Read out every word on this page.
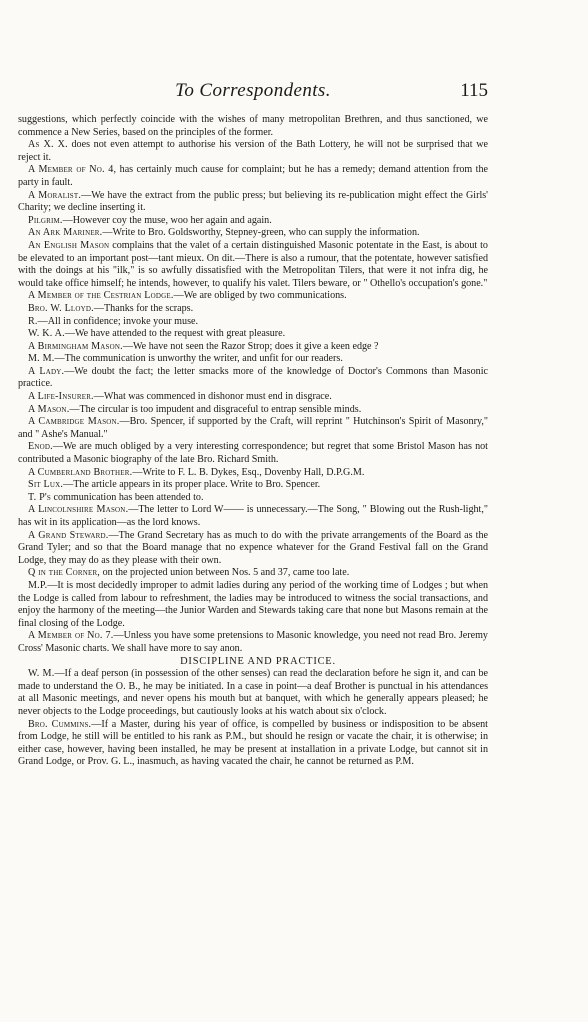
To Correspondents.	115

suggestions, which perfectly coincide with the wishes of many metropolitan Brethren, and thus sanctioned, we commence a New Series, based on the principles of the former.

As X. X. does not even attempt to authorise his version of the Bath Lottery, he will not be surprised that we reject it.

A Member of No. 4, has certainly much cause for complaint; but he has a remedy; demand attention from the party in fault.

A Moralist.—We have the extract from the public press; but believing its re-publication might effect the Girls' Charity; we decline inserting it.

Pilgrim.—However coy the muse, woo her again and again.

An Ark Mariner.—Write to Bro. Goldsworthy, Stepney-green, who can supply the information.

An English Mason complains that the valet of a certain distinguished Masonic potentate in the East, is about to be elevated to an important post—tant mieux. On dit.—There is also a rumour, that the potentate, however satisfied with the doings at his "ilk," is so awfully dissatisfied with the Metropolitan Tilers, that were it not infra dig, he would take office himself; he intends, however, to qualify his valet. Tilers beware, or " Othello's occupation's gone."

A Member of the Cestrian Lodge.—We are obliged by two communications.

Bro. W. Lloyd.—Thanks for the scraps.

R.—All in confidence; invoke your muse.

W. K. A.—We have attended to the request with great pleasure.

A Birmingham Mason.—We have not seen the Razor Strop; does it give a keen edge ?

M. M.—The communication is unworthy the writer, and unfit for our readers.

A Lady.—We doubt the fact; the letter smacks more of the knowledge of Doctor's Commons than Masonic practice.

A Life-Insurer.—What was commenced in dishonor must end in disgrace.

A Mason.—The circular is too impudent and disgraceful to entrap sensible minds.

A Cambridge Mason.—Bro. Spencer, if supported by the Craft, will reprint " Hutchinson's Spirit of Masonry," and " Ashe's Manual."

Enod.—We are much obliged by a very interesting correspondence; but regret that some Bristol Mason has not contributed a Masonic biography of the late Bro. Richard Smith.

A Cumberland Brother.—Write to F. L. B. Dykes, Esq., Dovenby Hall, D.P.G.M.

Sit Lux.—The article appears in its proper place. Write to Bro. Spencer.

T. P's communication has been attended to.

A Lincolnshire Mason.—The letter to Lord W—— is unnecessary.—The Song, " Blowing out the Rush-light," has wit in its application—as the lord knows.

A Grand Steward.—The Grand Secretary has as much to do with the private arrangements of the Board as the Grand Tyler; and so that the Board manage that no expence whatever for the Grand Festival fall on the Grand Lodge, they may do as they please with their own.

Q in the Corner, on the projected union between Nos. 5 and 37, came too late.

M.P.—It is most decidedly improper to admit ladies during any period of the working time of Lodges ; but when the Lodge is called from labour to refreshment, the ladies may be introduced to witness the social transactions, and enjoy the harmony of the meeting—the Junior Warden and Stewards taking care that none but Masons remain at the final closing of the Lodge.

A Member of No. 7.—Unless you have some pretensions to Masonic knowledge, you need not read Bro. Jeremy Cross' Masonic charts. We shall have more to say anon.

DISCIPLINE AND PRACTICE.

W. M.—If a deaf person (in possession of the other senses) can read the declaration before he sign it, and can be made to understand the O. B., he may be initiated. In a case in point—a deaf Brother is punctual in his attendances at all Masonic meetings, and never opens his mouth but at banquet, with which he generally appears pleased; he never objects to the Lodge proceedings, but cautiously looks at his watch about six o'clock.

Bro. Cummins.—If a Master, during his year of office, is compelled by business or indisposition to be absent from Lodge, he still will be entitled to his rank as P.M., but should he resign or vacate the chair, it is otherwise; in either case, however, having been installed, he may be present at installation in a private Lodge, but cannot sit in Grand Lodge, or Prov. G. L., inasmuch, as having vacated the chair, he cannot be returned as P.M.
